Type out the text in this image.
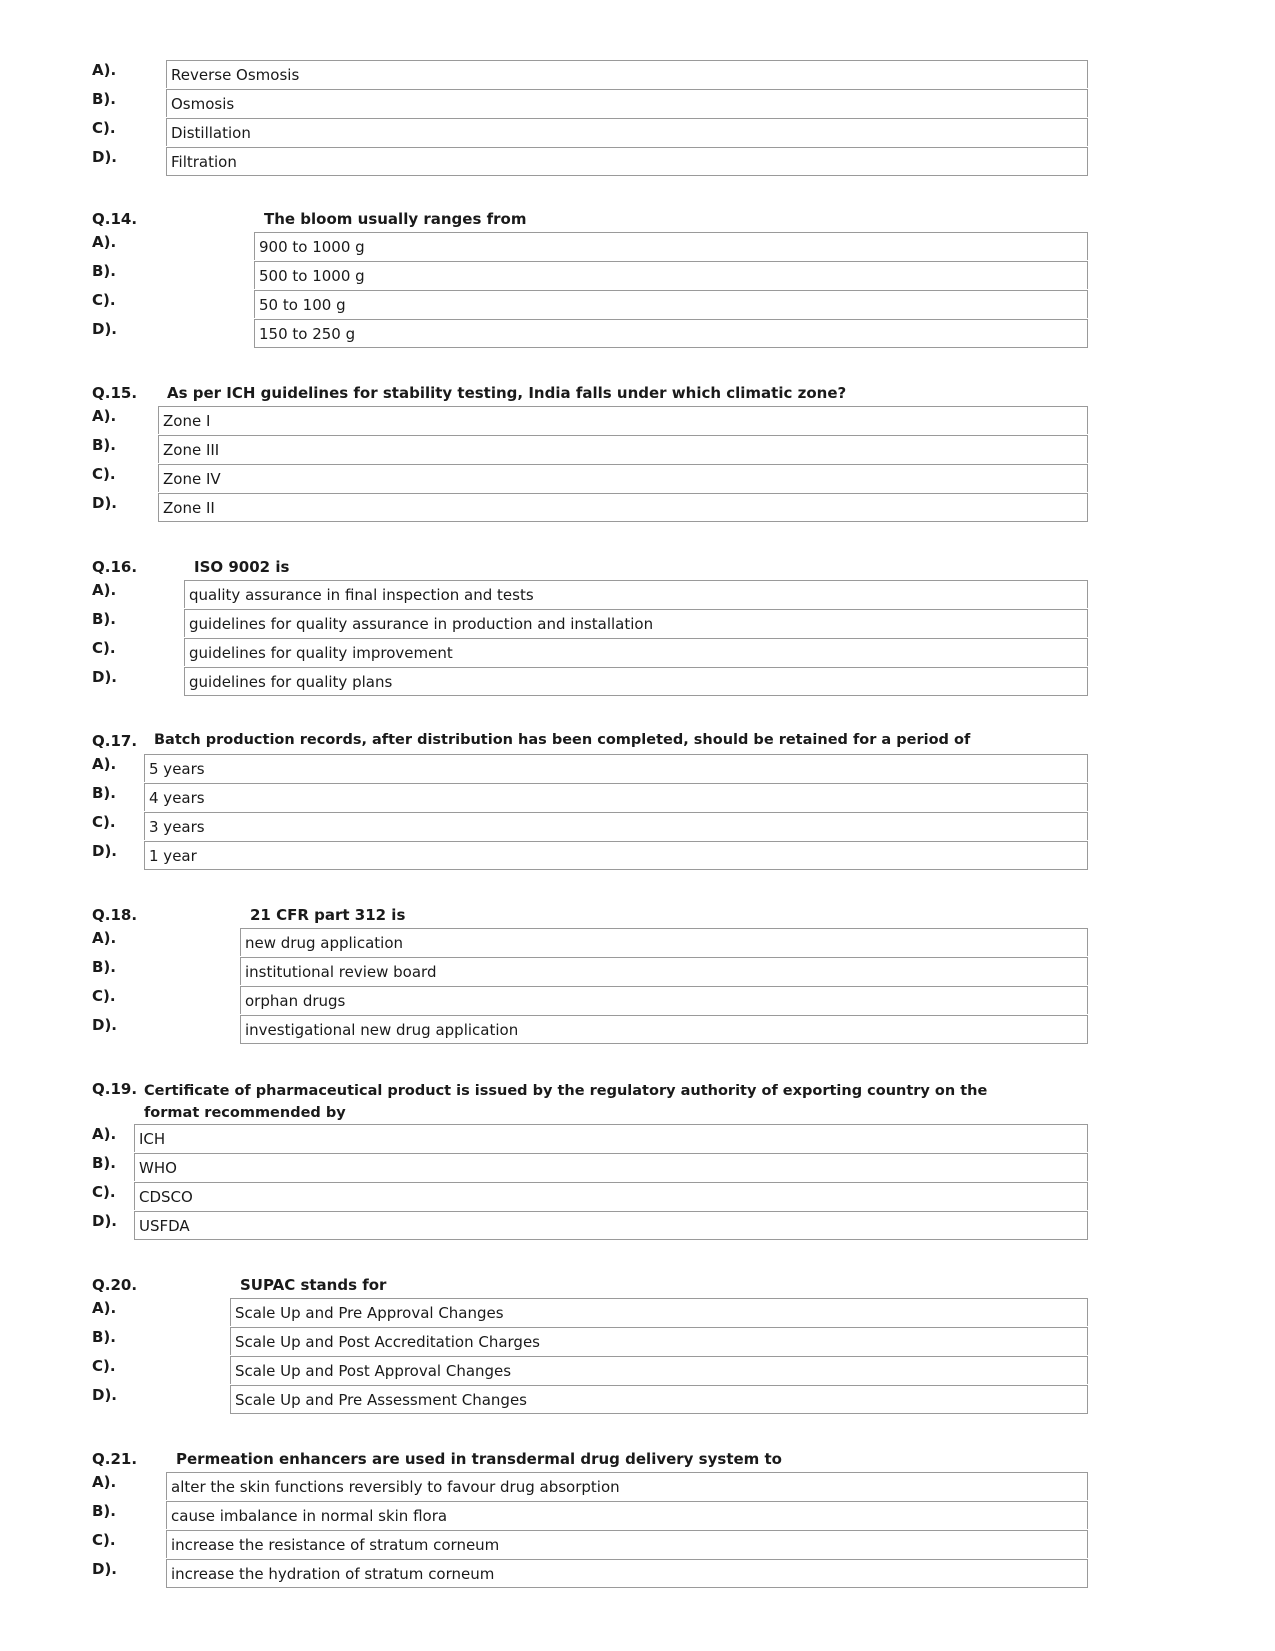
A).	Reverse Osmosis
B).	Osmosis
C).	Distillation
D).	Filtration
Q.14.	The bloom usually ranges from
A).	900 to 1000 g
B).	500 to 1000 g
C).	50 to 100 g
D).	150 to 250 g
Q.15. As per ICH guidelines for stability testing, India falls under which climatic zone?
A).	Zone I
B).	Zone III
C).	Zone IV
D).	Zone II
Q.16.	ISO 9002 is
A).	quality assurance in final inspection and tests
B).	guidelines for quality assurance in production and installation
C).	guidelines for quality improvement
D).	guidelines for quality plans
Q.17. Batch production records, after distribution has been completed, should be retained for a period of
A).	5 years
B).	4 years
C).	3 years
D).	1 year
Q.18.	21 CFR part 312 is
A).	new drug application
B).	institutional review board
C).	orphan drugs
D).	investigational new drug application
Q.19. Certificate of pharmaceutical product is issued by the regulatory authority of exporting country on the format recommended by
A).	ICH
B).	WHO
C).	CDSCO
D).	USFDA
Q.20.	SUPAC stands for
A).	Scale Up and Pre Approval Changes
B).	Scale Up and Post Accreditation Charges
C).	Scale Up and Post Approval Changes
D).	Scale Up and Pre Assessment Changes
Q.21.	Permeation enhancers are used in transdermal drug delivery system to
A).	alter the skin functions reversibly to favour drug absorption
B).	cause imbalance in normal skin flora
C).	increase the resistance of stratum corneum
D).	increase the hydration of stratum corneum
